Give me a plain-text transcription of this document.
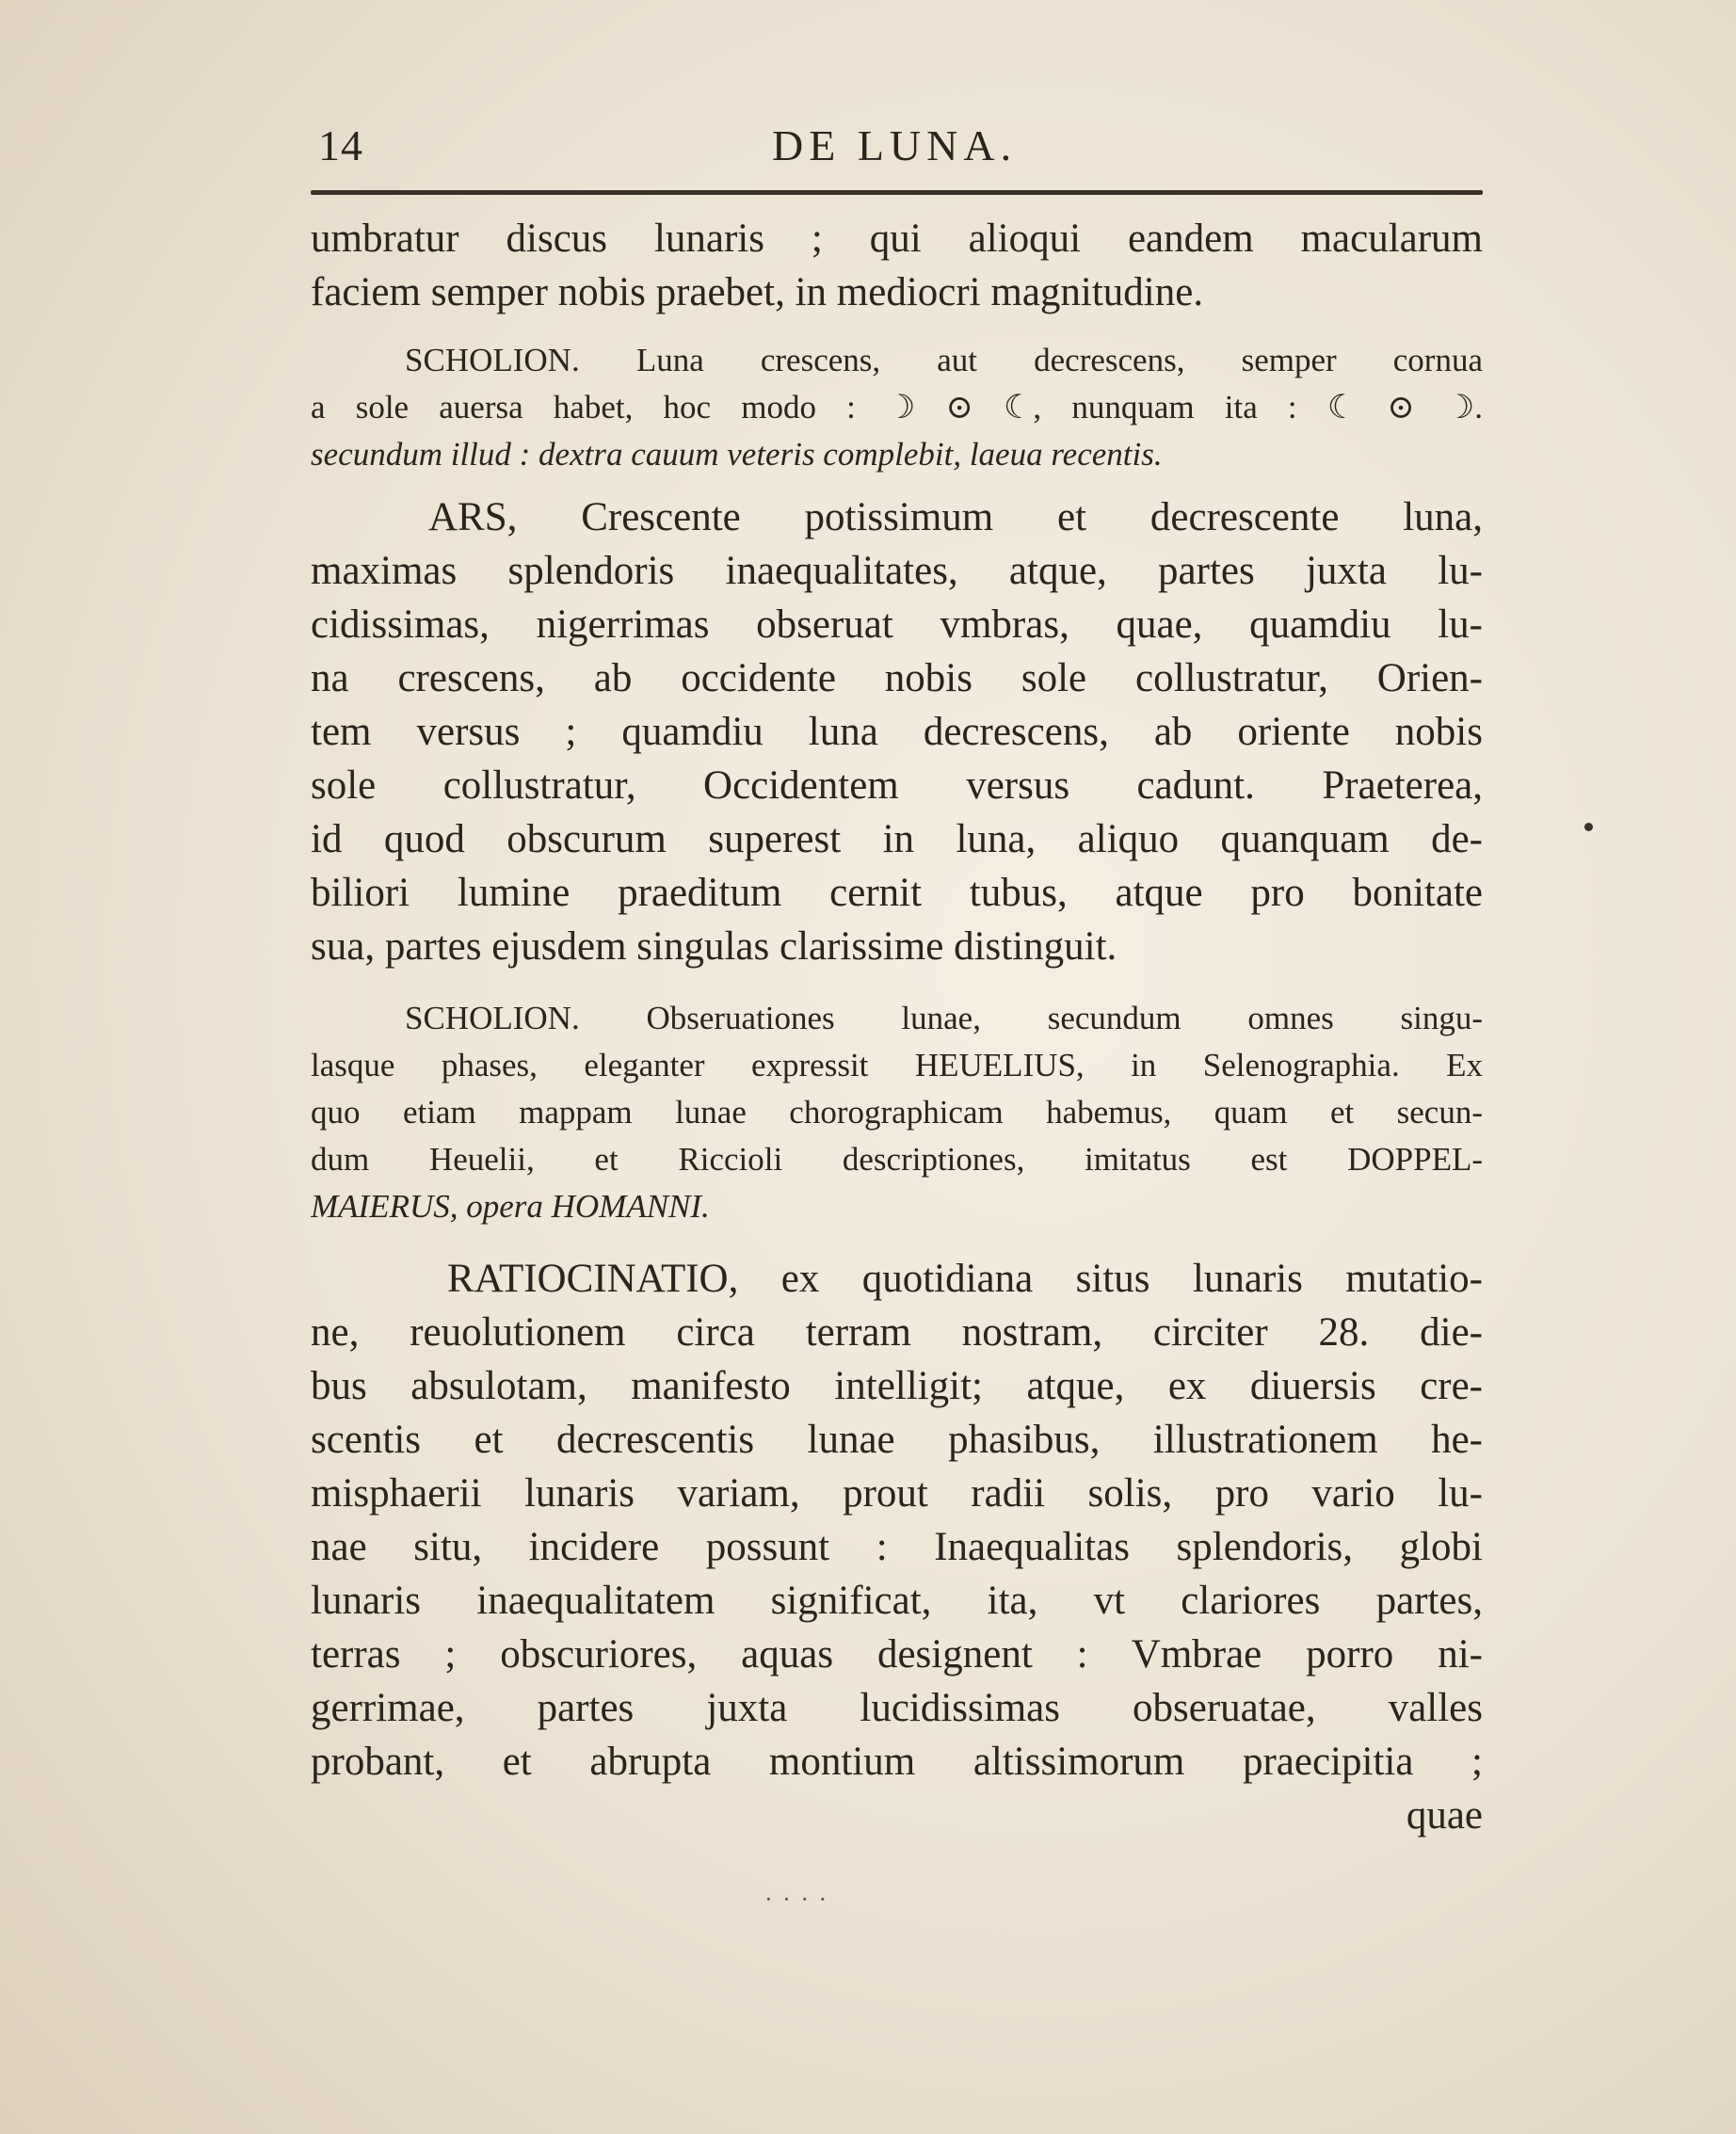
14	DE LUNA.
umbratur discus lunaris ; qui alioqui eandem macularum
faciem semper nobis praebet, in mediocri magnitudine.
SCHOLION. Luna crescens, aut decrescens, semper cornua
a sole auersa habet, hoc modo : ☽ ⊙ ☾, nunquam ita : ☾ ⊙ ☽.
secundum illud : dextra cauum veteris complebit, laeua recentis.
ARS, Crescente potissimum et decrescente luna,
maximas splendoris inaequalitates, atque, partes juxta lu-
cidissimas, nigerrimas obseruat vmbras, quae, quamdiu lu-
na crescens, ab occidente nobis sole collustratur, Orien-
tem versus ; quamdiu luna decrescens, ab oriente nobis
sole collustratur, Occidentem versus cadunt. Praeterea,
id quod obscurum superest in luna, aliquo quanquam de-
biliori lumine praeditum cernit tubus, atque pro bonitate
sua, partes ejusdem singulas clarissime distinguit.
SCHOLION. Obseruationes lunae, secundum omnes singu-
lasque phases, eleganter expressit HEUELIUS, in Selenographia. Ex
quo etiam mappam lunae chorographicam habemus, quam et secun-
dum Heuelii, et Riccioli descriptiones, imitatus est DOPPEL-
MAIERUS, opera HOMANNI.
RATIOCINATIO, ex quotidiana situs lunaris mutatio-
ne, reuolutionem circa terram nostram, circiter 28. die-
bus absulotam, manifesto intelligit; atque, ex diuersis cre-
scentis et decrescentis lunae phasibus, illustrationem he-
misphaerii lunaris variam, prout radii solis, pro vario lu-
nae situ, incidere possunt : Inaequalitas splendoris, globi
lunaris inaequalitatem significat, ita, vt clariores partes,
terras ; obscuriores, aquas designent : Vmbrae porro ni-
gerrimae, partes juxta lucidissimas obseruatae, valles
probant, et abrupta montium altissimorum praecipitia ;
quae
· · · ·
